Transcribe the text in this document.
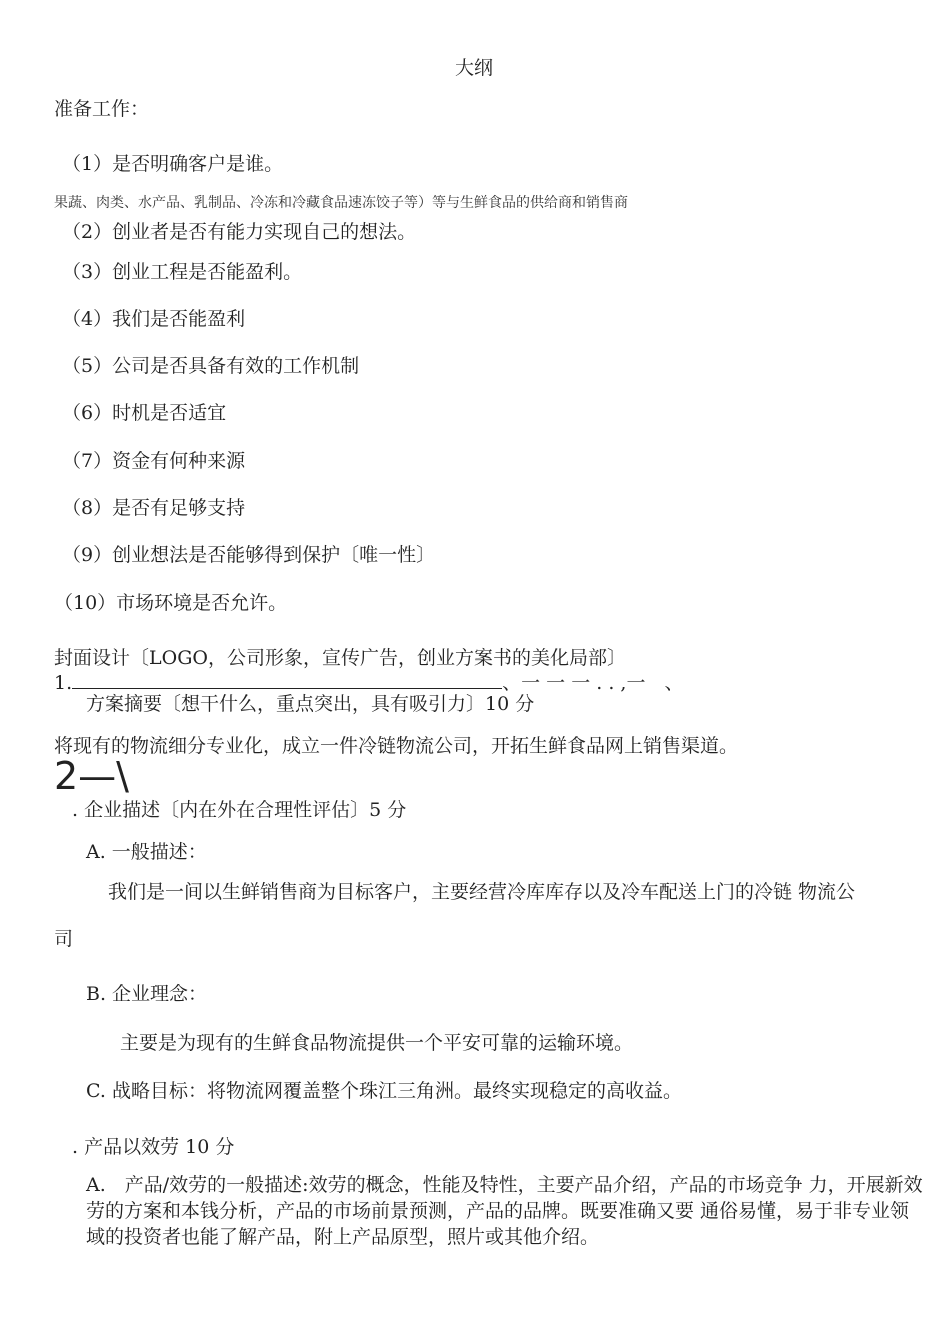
大纲
准备工作：
（1）是否明确客户是谁。
果蔬、肉类、水产品、乳制品、冷冻和冷藏食品速冻饺子等）等与生鲜食品的供给商和销售商
（2）创业者是否有能力实现自己的想法。
（3）创业工程是否能盈利。
（4）我们是否能盈利
（5）公司是否具备有效的工作机制
（6）时机是否适宜
（7）资金有何种来源
（8）是否有足够支持
（9）创业想法是否能够得到保护〔唯一性〕
（10）市场环境是否允许。
封面设计〔LOGO，公司形象，宣传广告，创业方案书的美化局部〕
1.	、一 一 一 . . ,一　、
方案摘要〔想干什么，重点突出，具有吸引力〕10 分
将现有的物流细分专业化，成立一件冷链物流公司，开拓生鲜食品网上销售渠道。
2—\
. 企业描述〔内在外在合理性评估〕5 分
A. 一般描述：
我们是一间以生鲜销售商为目标客户，主要经营冷库库存以及冷车配送上门的冷链 物流公
司
B. 企业理念：
主要是为现有的生鲜食品物流提供一个平安可靠的运输环境。
C. 战略目标：将物流网覆盖整个珠江三角洲。最终实现稳定的高收益。
. 产品以效劳 10 分
A.　产品/效劳的一般描述:效劳的概念，性能及特性，主要产品介绍，产品的市场竞争 力，开展新效劳的方案和本钱分析，产品的市场前景预测，产品的品牌。既要准确又要 通俗易懂，易于非专业领域的投资者也能了解产品，附上产品原型，照片或其他介绍。
